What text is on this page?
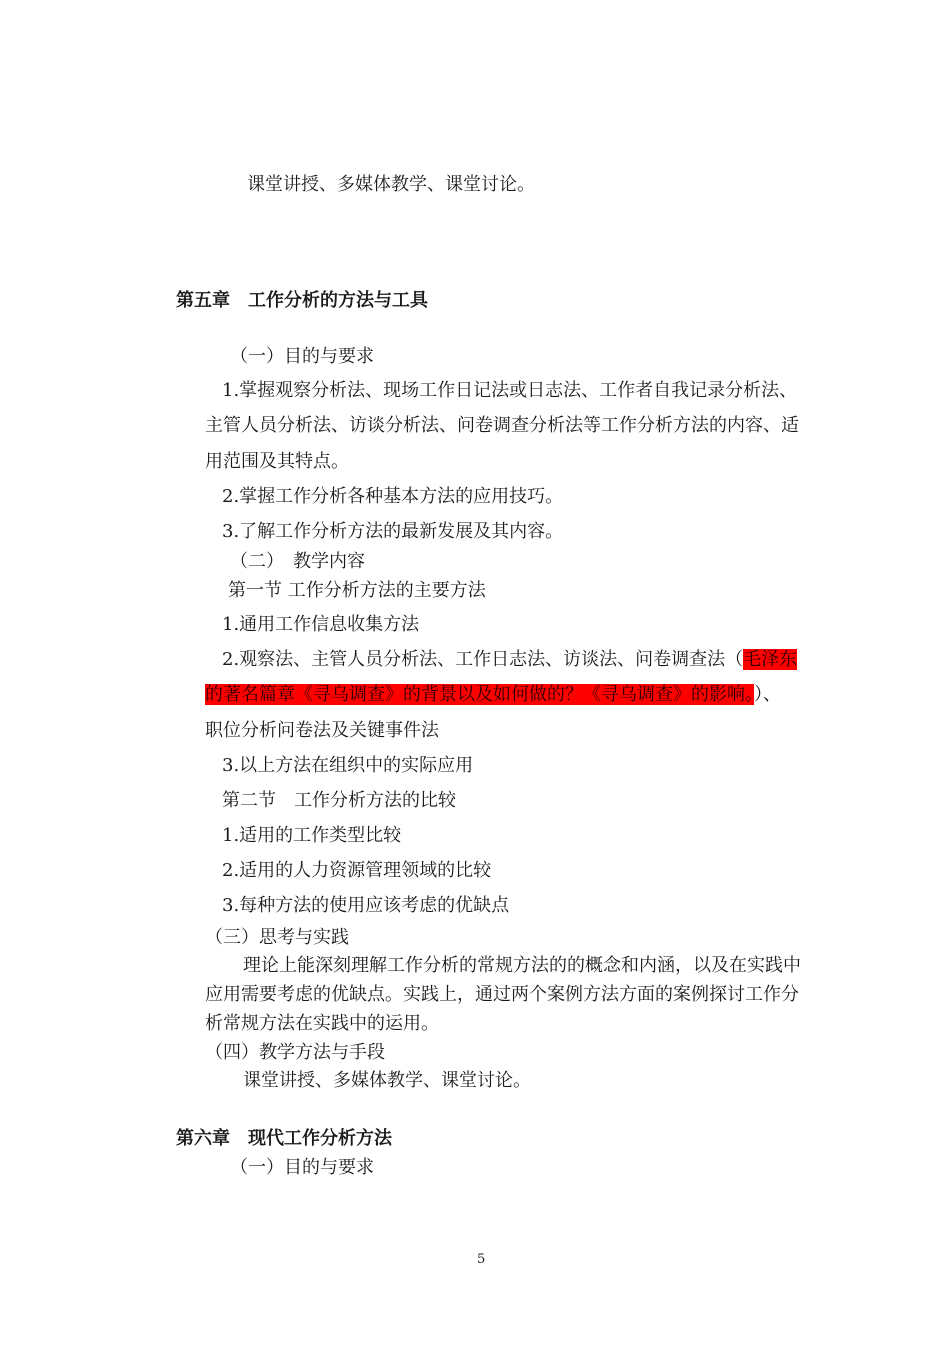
课堂讲授、多媒体教学、课堂讨论。
第五章　工作分析的方法与工具
（一）目的与要求
1.掌握观察分析法、现场工作日记法或日志法、工作者自我记录分析法、
主管人员分析法、访谈分析法、问卷调查分析法等工作分析方法的内容、适
用范围及其特点。
2.掌握工作分析各种基本方法的应用技巧。
3.了解工作分析方法的最新发展及其内容。
（二）　教学内容
第一节 工作分析方法的主要方法
1.通用工作信息收集方法
2.观察法、主管人员分析法、工作日志法、访谈法、问卷调查法（毛泽东
的著名篇章《寻乌调查》的背景以及如何做的？《寻乌调查》的影响。）、
职位分析问卷法及关键事件法
3.以上方法在组织中的实际应用
第二节　工作分析方法的比较
1.适用的工作类型比较
2.适用的人力资源管理领域的比较
3.每种方法的使用应该考虑的优缺点
（三）思考与实践
理论上能深刻理解工作分析的常规方法的的概念和内涵，以及在实践中
应用需要考虑的优缺点。实践上，通过两个案例方法方面的案例探讨工作分
析常规方法在实践中的运用。
（四）教学方法与手段
课堂讲授、多媒体教学、课堂讨论。
第六章　现代工作分析方法
（一）目的与要求
5
